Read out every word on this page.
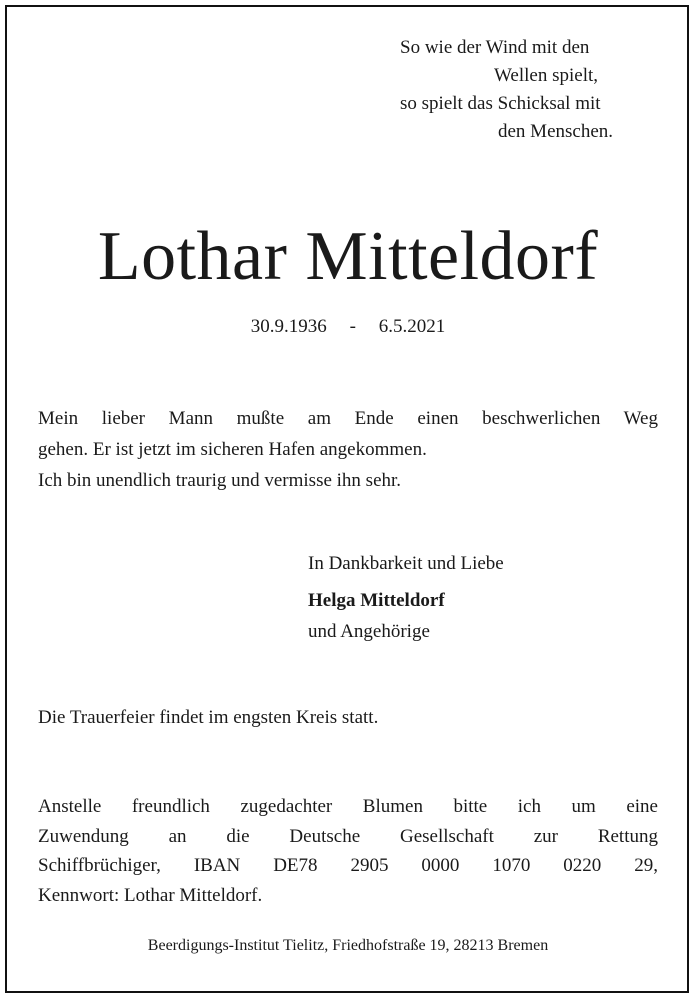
So wie der Wind mit den
Wellen spielt,
so spielt das Schicksal mit
den Menschen.
Lothar Mitteldorf
30.9.1936 - 6.5.2021

Mein lieber Mann mußte am Ende einen beschwerlichen Weg

gehen. Er ist jetzt im sicheren Hafen angekommen.

Ich bin unendlich traurig und vermisse ihn sehr.

In Dankbarkeit und Liebe
Helga Mitteldorf
und Angehörige
Die Trauerfeier findet im engsten Kreis statt.

Anstelle freundlich zugedachter Blumen bitte ich um eine

Zuwendung an die Deutsche Gesellschaft zur Rettung

Schiffbrüchiger, IBAN DE78 2905 0000 1070 0220 29,

Kennwort: Lothar Mitteldorf.

Beerdigungs-Institut Tielitz, Friedhofstraße 19, 28213 Bremen
